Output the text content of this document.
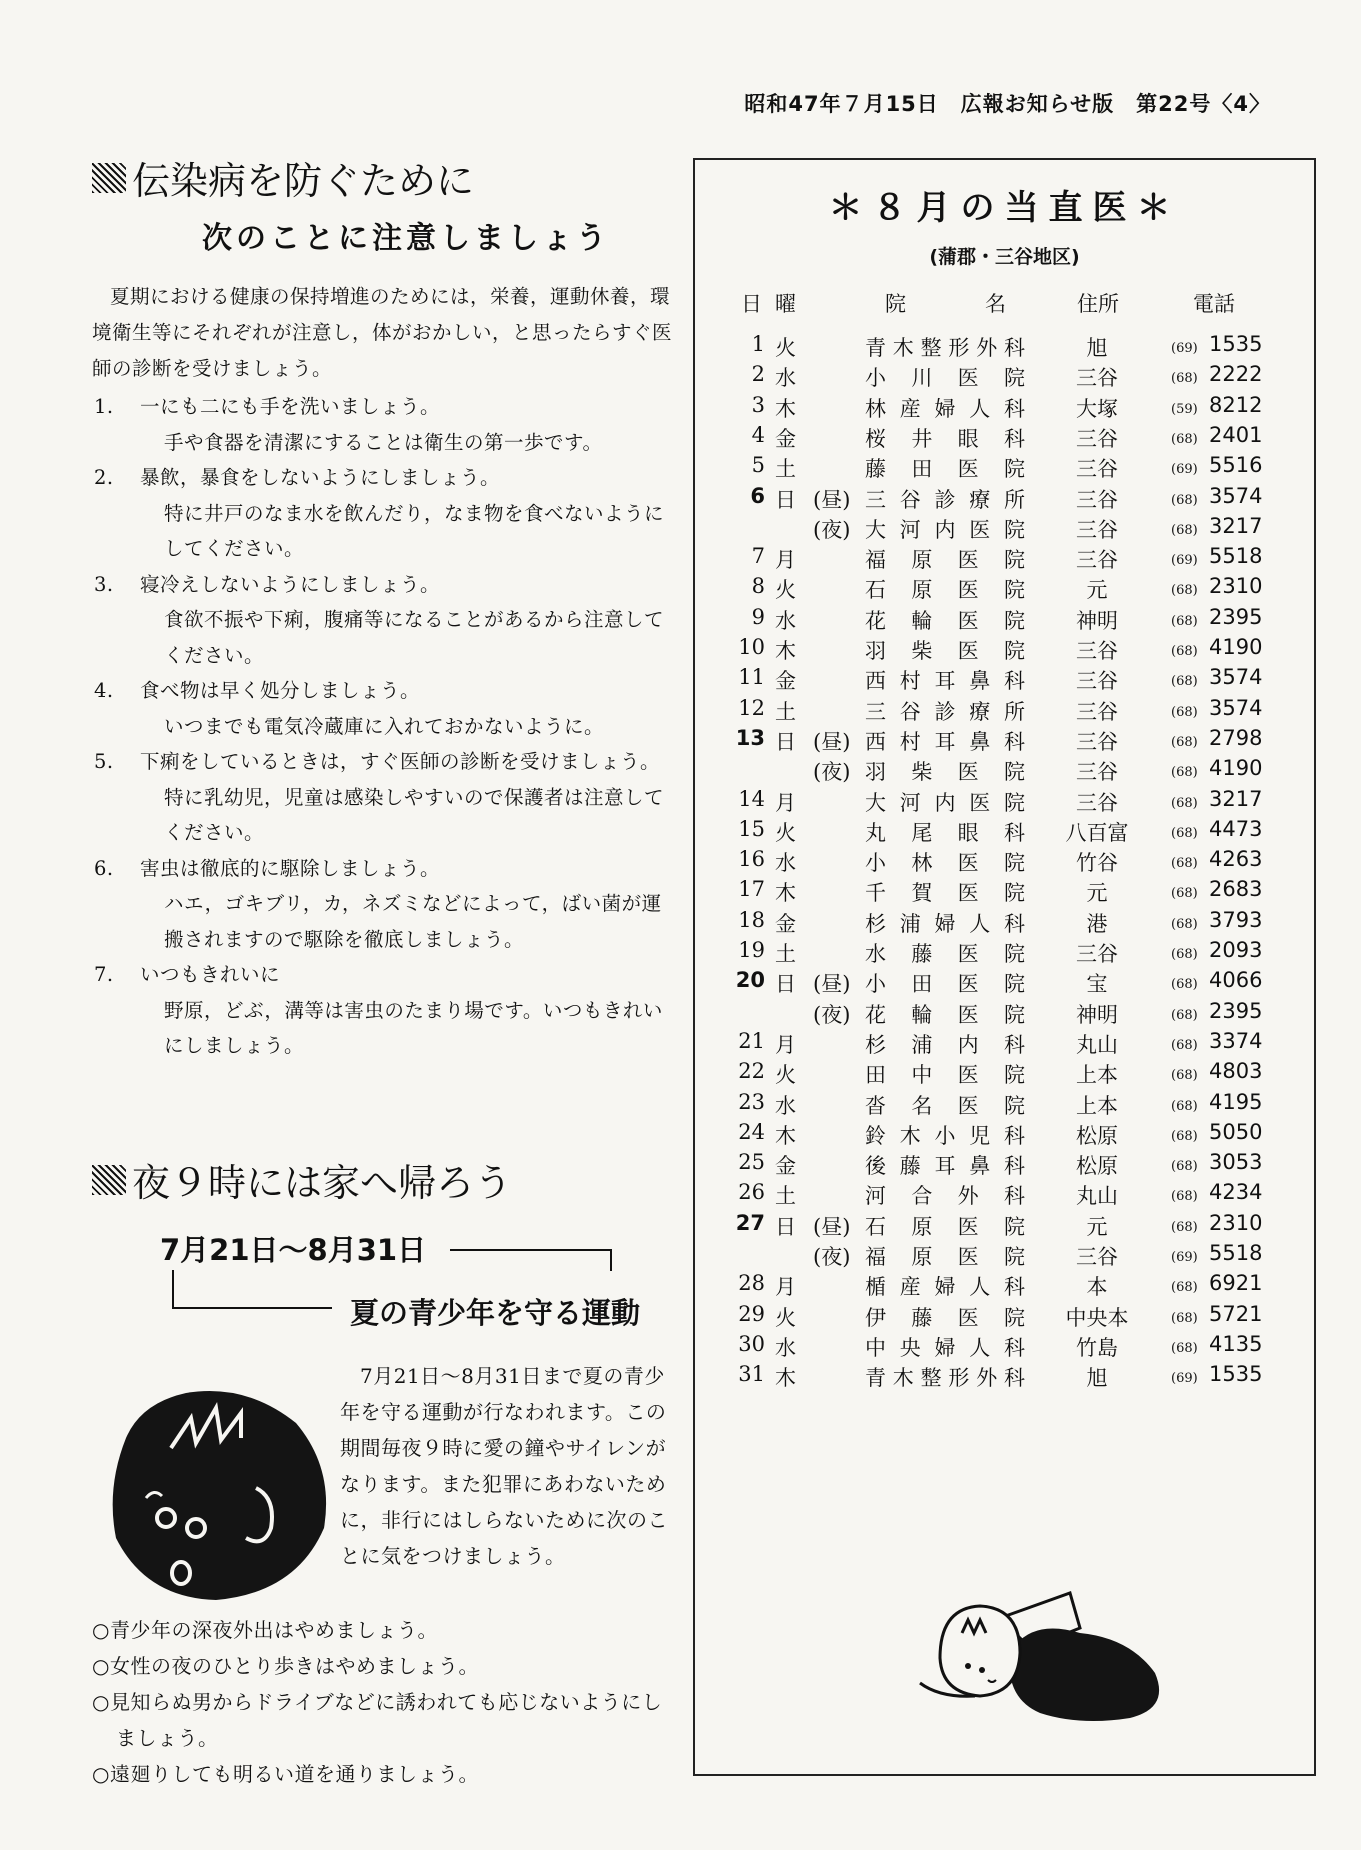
昭和47年７月15日　広報お知らせ版　第22号〈4〉
伝染病を防ぐために
次のことに注意しましょう
夏期における健康の保持増進のためには，栄養，運動休養，環境衛生等にそれぞれが注意し，体がおかしい，と思ったらすぐ医師の診断を受けましょう。
1. 一にも二にも手を洗いましょう。
手や食器を清潔にすることは衛生の第一歩です。
2. 暴飲，暴食をしないようにしましょう。
特に井戸のなま水を飲んだり，なま物を食べないようにしてください。
3. 寝冷えしないようにしましょう。
食欲不振や下痢，腹痛等になることがあるから注意してください。
4. 食べ物は早く処分しましょう。
いつまでも電気冷蔵庫に入れておかないように。
5. 下痢をしているときは，すぐ医師の診断を受けましょう。
特に乳幼児，児童は感染しやすいので保護者は注意してください。
6. 害虫は徹底的に駆除しましょう。
ハエ，ゴキブリ，カ，ネズミなどによって，ばい菌が運搬されますので駆除を徹底しましょう。
7. いつもきれいに
野原，どぶ，溝等は害虫のたまり場です。いつもきれいにしましょう。
夜９時には家へ帰ろう
7月21日～8月31日
夏の青少年を守る運動
7月21日～8月31日まで夏の青少年を守る運動が行なわれます。この期間毎夜９時に愛の鐘やサイレンがなります。また犯罪にあわないために，非行にはしらないために次のことに気をつけましょう。
○青少年の深夜外出はやめましょう。
○女性の夜のひとり歩きはやめましょう。
○見知らぬ男からドライブなどに誘われても応じないようにしましょう。
○遠廻りしても明るい道を通りましょう。
＊８月の当直医＊
(蒲郡・三谷地区)
日 曜	院	名	住所	電話
1 火	青木整形外科	旭	(69) 1535
2 水	小川医院	三谷	(68) 2222
3 木	林産婦人科	大塚	(59) 8212
4 金	桜井眼科	三谷	(68) 2401
5 土	藤田医院	三谷	(69) 5516
6 日 (昼) 三谷診療所	三谷	(68) 3574
(夜) 大河内医院	三谷	(68) 3217
7 月	福原医院	三谷	(69) 5518
8 火	石原医院	元	(68) 2310
9 水	花輪医院	神明	(68) 2395
10 木	羽柴医院	三谷	(68) 4190
11 金	西村耳鼻科	三谷	(68) 3574
12 土	三谷診療所	三谷	(68) 3574
13 日 (昼) 西村耳鼻科	三谷	(68) 2798
(夜) 羽柴医院	三谷	(68) 4190
14 月	大河内医院	三谷	(68) 3217
15 火	丸尾眼科	八百富	(68) 4473
16 水	小林医院	竹谷	(68) 4263
17 木	千賀医院	元	(68) 2683
18 金	杉浦婦人科	港	(68) 3793
19 土	水藤医院	三谷	(68) 2093
20 日 (昼) 小田医院	宝	(68) 4066
(夜) 花輪医院	神明	(68) 2395
21 月	杉浦内科	丸山	(68) 3374
22 火	田中医院	上本	(68) 4803
23 水	沓名医院	上本	(68) 4195
24 木	鈴木小児科	松原	(68) 5050
25 金	後藤耳鼻科	松原	(68) 3053
26 土	河合外科	丸山	(68) 4234
27 日 (昼) 石原医院	元	(68) 2310
(夜) 福原医院	三谷	(69) 5518
28 月	楯産婦人科	本	(68) 6921
29 火	伊藤医院	中央本	(68) 5721
30 水	中央婦人科	竹島	(68) 4135
31 木	青木整形外科	旭	(69) 1535
